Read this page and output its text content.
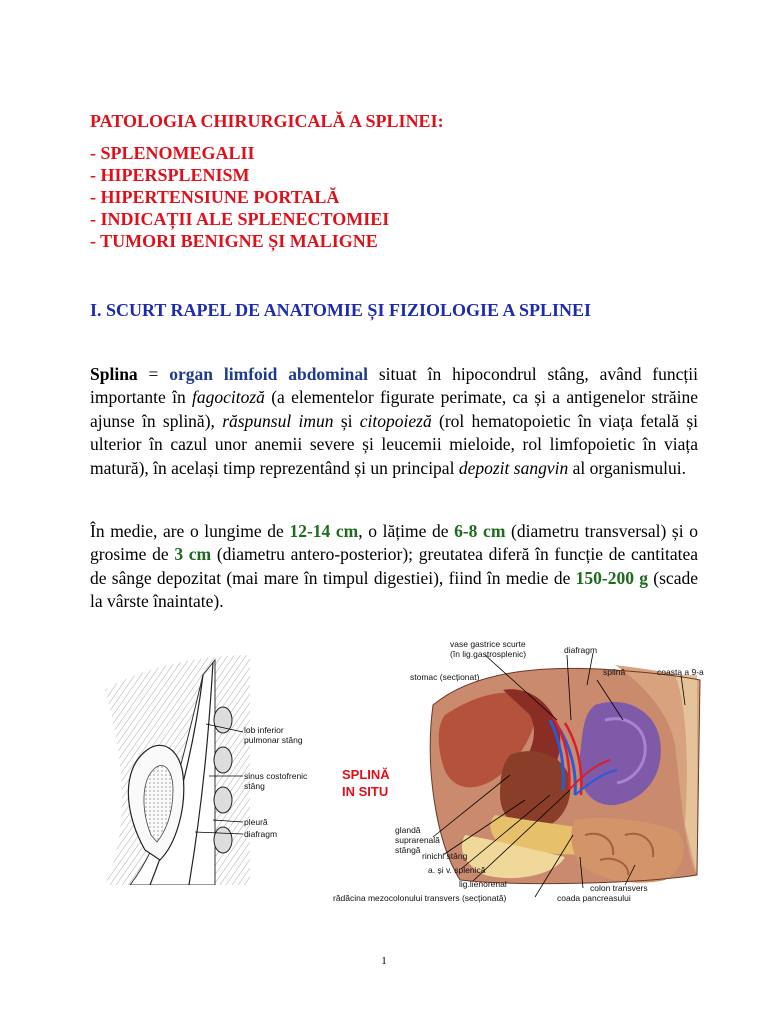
PATOLOGIA CHIRURGICALĂ A SPLINEI:
- SPLENOMEGALII
- HIPERSPLENISM
- HIPERTENSIUNE PORTALĂ
- INDICAȚII ALE SPLENECTOMIEI
- TUMORI BENIGNE ȘI MALIGNE
I. SCURT RAPEL DE ANATOMIE ȘI FIZIOLOGIE A SPLINEI

Splina = organ limfoid abdominal situat în hipocondrul stâng, având funcții importante în fagocitoză (a elementelor figurate perimate, ca și a antigenelor străine ajunse în splină), răspunsul imun și citopoieză (rol hematopoietic în viața fetală și ulterior în cazul unor anemii severe și leucemii mieloide, rol limfopoietic în viața matură), în același timp reprezentând și un principal depozit sangvin al organismului.

În medie, are o lungime de 12-14 cm, o lățime de 6-8 cm (diametru transversal) și o grosime de 3 cm (diametru antero-posterior); greutatea diferă în funcție de cantitatea de sânge depozitat (mai mare în timpul digestiei), fiind în medie de 150-200 g (scade la vârste înaintate).

lob inferior
pulmonar stâng
sinus costofrenic
stâng
pleură
diafragm
SPLINĂ
IN SITU
vase gastrice scurte
(în lig.gastrosplenic)	diafragm
stomac (secționat)	splină	coasta a 9-a
glandă
suprarenală
stângă
rinichi stâng
a. și v. splenică
lig.lienorenal
rădăcina mezocolonului transvers (secționată)
colon transvers
coada pancreasului
1
